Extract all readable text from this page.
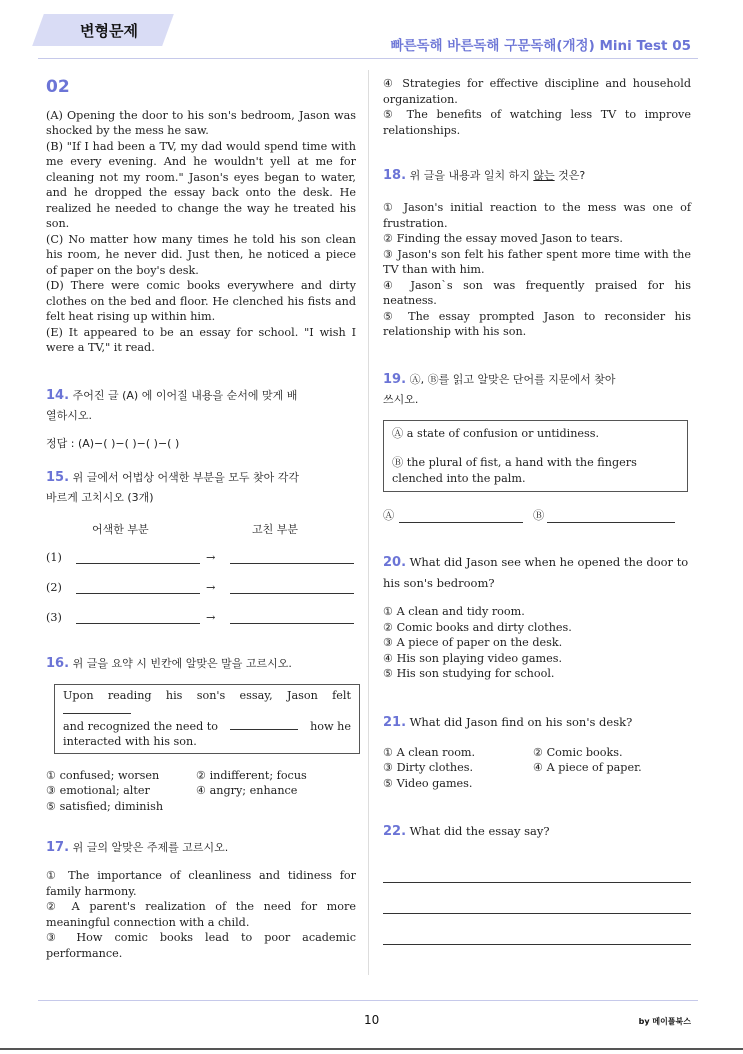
변형문제
빠른독해 바른독해 구문독해(개정) Mini Test 05
02

(A) Opening the door to his son's bedroom, Jason was shocked by the mess he saw.

(B) "If I had been a TV, my dad would spend time with me every evening. And he wouldn't yell at me for cleaning not my room." Jason's eyes began to water, and he dropped the essay back onto the desk. He realized he needed to change the way he treated his son.

(C) No matter how many times he told his son clean his room, he never did. Just then, he noticed a piece of paper on the boy's desk.

(D) There were comic books everywhere and dirty clothes on the bed and floor. He clenched his fists and felt heat rising up within him.

(E) It appeared to be an essay for school. "I wish I were a TV," it read.

14. 주어진 글 (A) 에 이어질 내용을 순서에 맞게 배

열하시오.

정답 : (A)−( )−( )−( )−( )

15. 위 글에서 어법상 어색한 부분을 모두 찾아 각각

바르게 고치시오 (3개)

어색한 부분	고친 부분
(1)	→
(2)	→
(3)	→

16. 위 글을 요약 시 빈칸에 알맞은 말을 고르시오.

Upon reading his son's essay, Jason felt

and recognized the need to	how he

interacted with his son.

① confused; worsen	② indifferent; focus
③ emotional; alter	④ angry; enhance
⑤ satisfied; diminish

17. 위 글의 알맞은 주제를 고르시오.

① The importance of cleanliness and tidiness for family harmony.

② A parent's realization of the need for more meaningful connection with a child.

③ How comic books lead to poor academic performance.

④ Strategies for effective discipline and household organization.

⑤ The benefits of watching less TV to improve relationships.

18. 위 글을 내용과 일치 하지 않는 것은?

① Jason's initial reaction to the mess was one of frustration.

② Finding the essay moved Jason to tears.

③ Jason's son felt his father spent more time with the TV than with him.

④ Jason`s son was frequently praised for his neatness.

⑤ The essay prompted Jason to reconsider his relationship with his son.

19. Ⓐ, Ⓑ를 읽고 알맞은 단어를 지문에서 찾아

쓰시오.

Ⓐ a state of confusion or untidiness.

Ⓑ the plural of fist, a hand with the fingers clenched into the palm.

Ⓐ	Ⓑ

20. What did Jason see when he opened the door to

his son's bedroom?

① A clean and tidy room.

② Comic books and dirty clothes.

③ A piece of paper on the desk.

④ His son playing video games.

⑤ His son studying for school.

21. What did Jason find on his son's desk?

① A clean room.	② Comic books.
③ Dirty clothes.	④ A piece of paper.
⑤ Video games.

22. What did the essay say?

10	by 메이플북스
